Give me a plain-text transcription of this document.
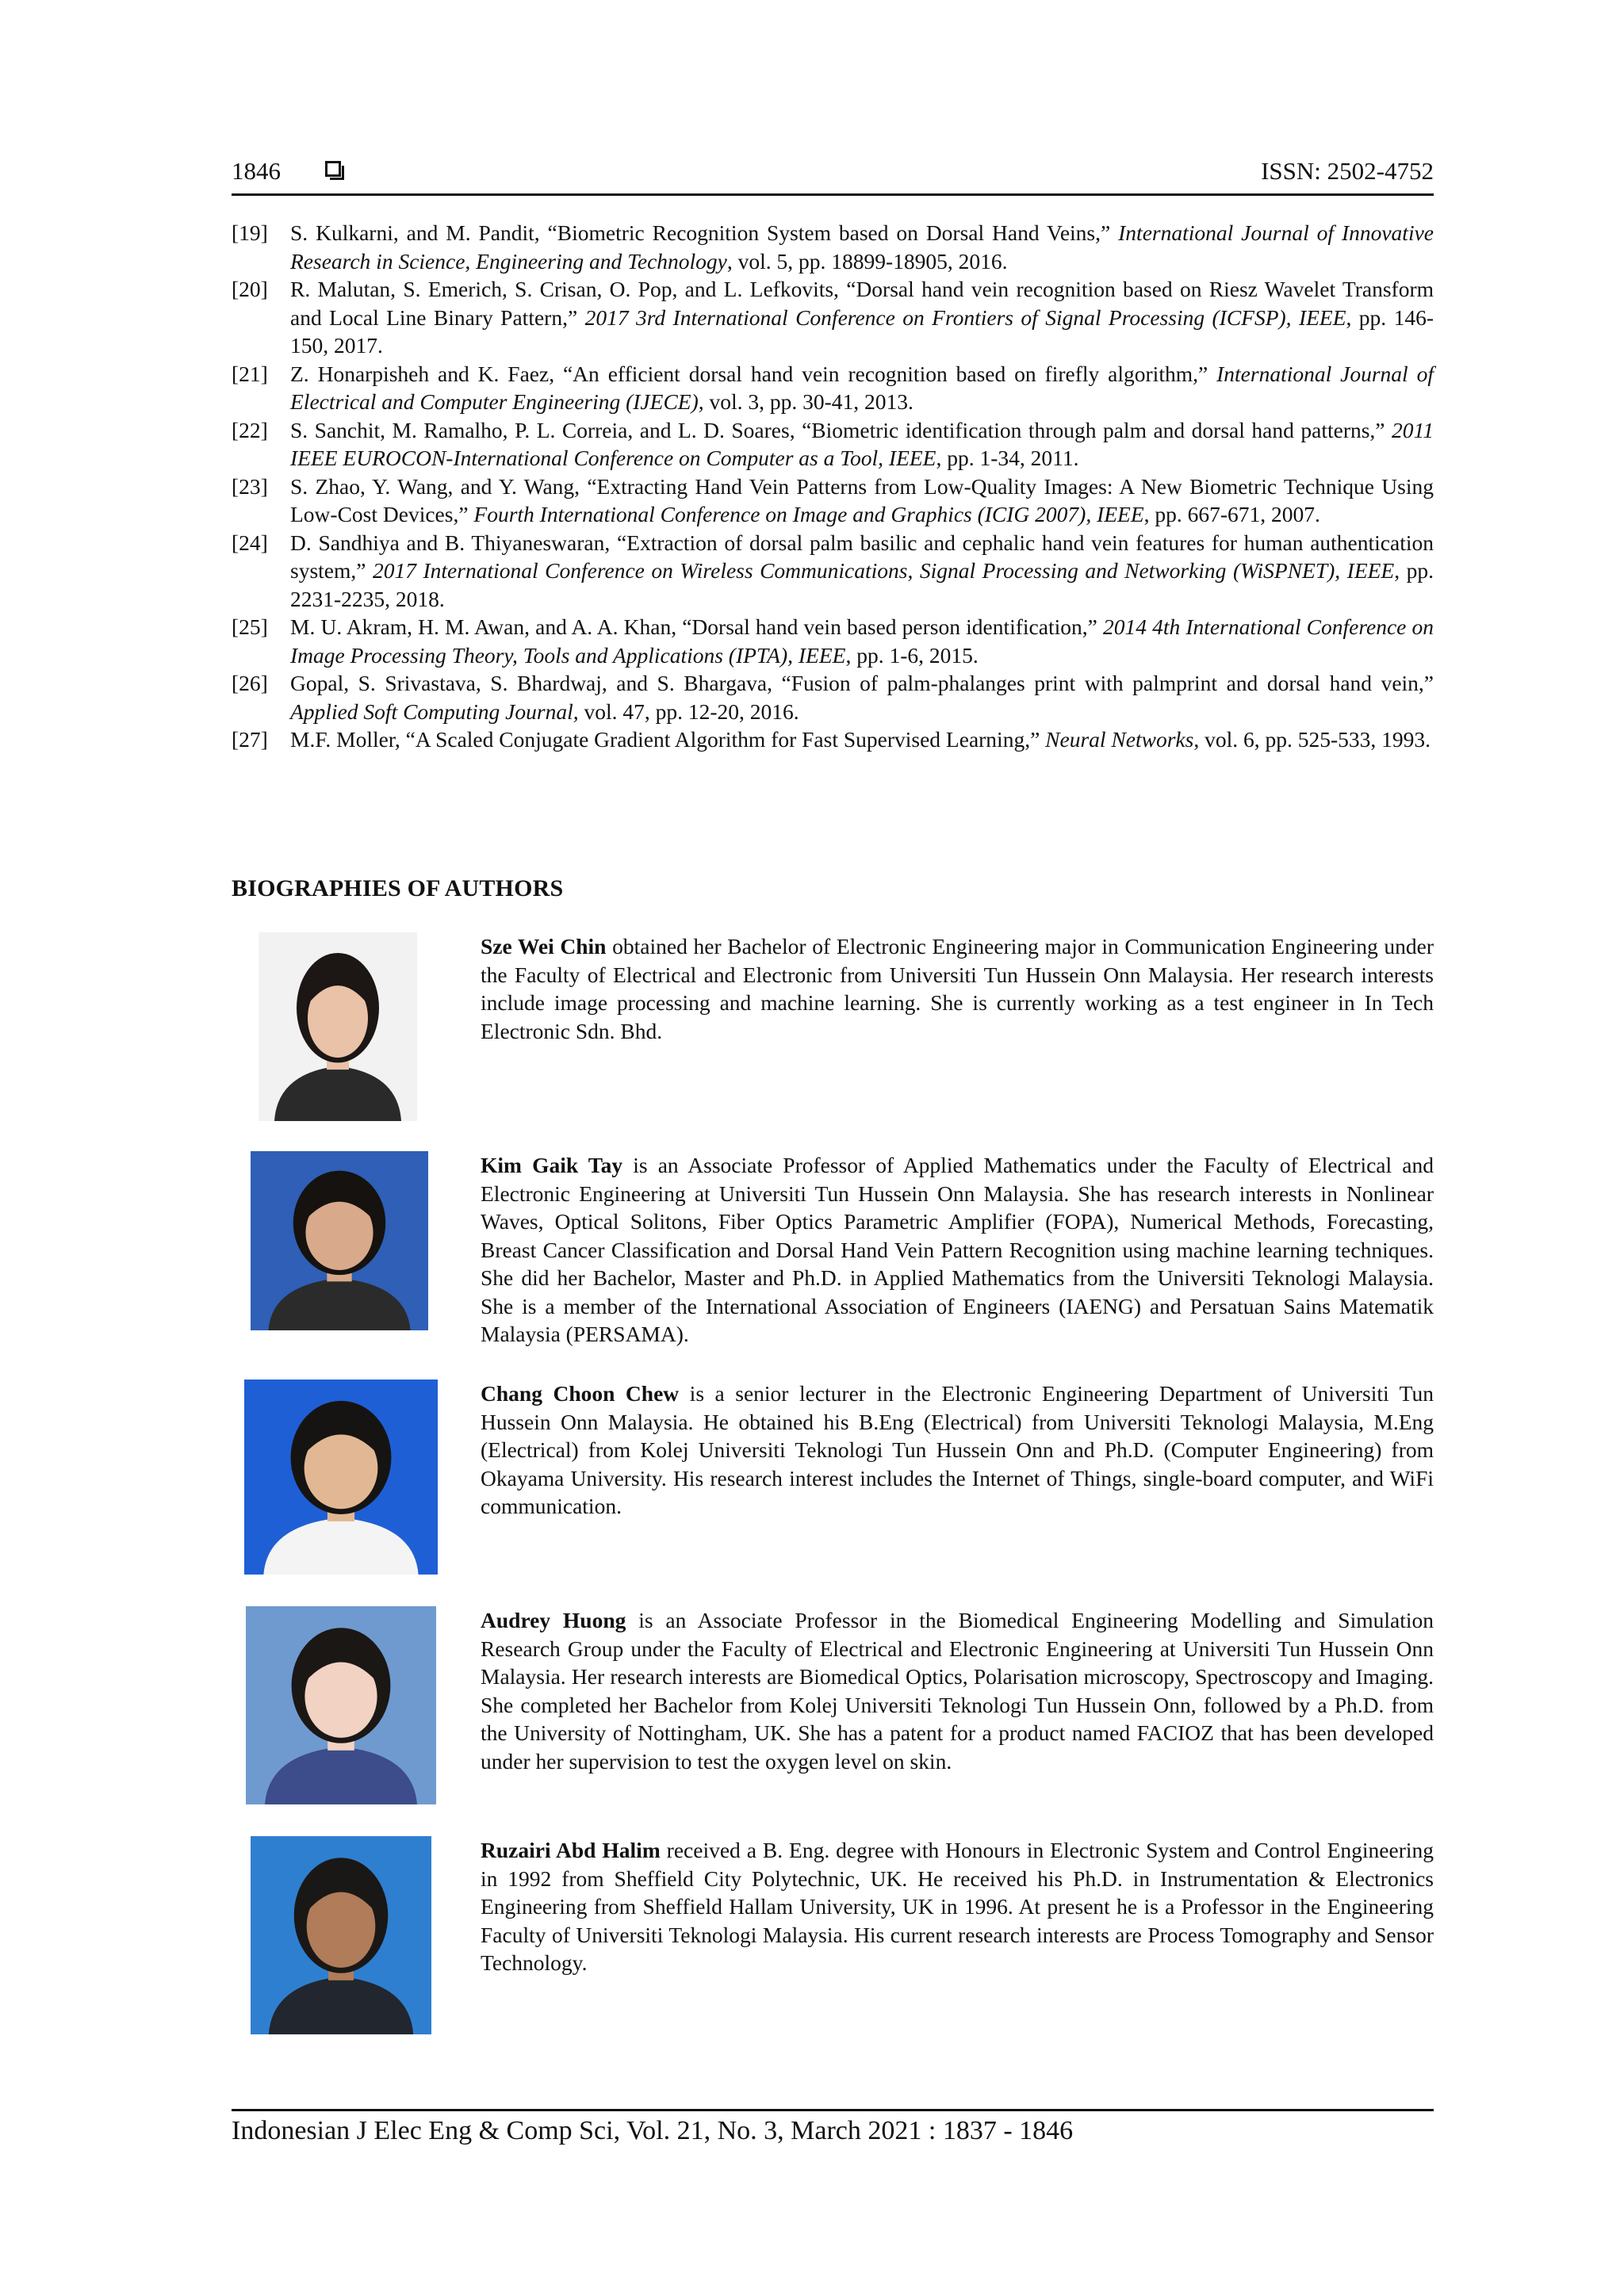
1846	ISSN: 2502-4752
[19] S. Kulkarni, and M. Pandit, “Biometric Recognition System based on Dorsal Hand Veins,” International Journal of Innovative Research in Science, Engineering and Technology, vol. 5, pp. 18899-18905, 2016.
[20] R. Malutan, S. Emerich, S. Crisan, O. Pop, and L. Lefkovits, “Dorsal hand vein recognition based on Riesz Wavelet Transform and Local Line Binary Pattern,” 2017 3rd International Conference on Frontiers of Signal Processing (ICFSP), IEEE, pp. 146-150, 2017.
[21] Z. Honarpisheh and K. Faez, “An efficient dorsal hand vein recognition based on firefly algorithm,” International Journal of Electrical and Computer Engineering (IJECE), vol. 3, pp. 30-41, 2013.
[22] S. Sanchit, M. Ramalho, P. L. Correia, and L. D. Soares, “Biometric identification through palm and dorsal hand patterns,” 2011 IEEE EUROCON-International Conference on Computer as a Tool, IEEE, pp. 1-34, 2011.
[23] S. Zhao, Y. Wang, and Y. Wang, “Extracting Hand Vein Patterns from Low-Quality Images: A New Biometric Technique Using Low-Cost Devices,” Fourth International Conference on Image and Graphics (ICIG 2007), IEEE, pp. 667-671, 2007.
[24] D. Sandhiya and B. Thiyaneswaran, “Extraction of dorsal palm basilic and cephalic hand vein features for human authentication system,” 2017 International Conference on Wireless Communications, Signal Processing and Networking (WiSPNET), IEEE, pp. 2231-2235, 2018.
[25] M. U. Akram, H. M. Awan, and A. A. Khan, “Dorsal hand vein based person identification,” 2014 4th International Conference on Image Processing Theory, Tools and Applications (IPTA), IEEE, pp. 1-6, 2015.
[26] Gopal, S. Srivastava, S. Bhardwaj, and S. Bhargava, “Fusion of palm-phalanges print with palmprint and dorsal hand vein,” Applied Soft Computing Journal, vol. 47, pp. 12-20, 2016.
[27] M.F. Moller, “A Scaled Conjugate Gradient Algorithm for Fast Supervised Learning,” Neural Networks, vol. 6, pp. 525-533, 1993.
BIOGRAPHIES OF AUTHORS
Sze Wei Chin obtained her Bachelor of Electronic Engineering major in Communication Engineering under the Faculty of Electrical and Electronic from Universiti Tun Hussein Onn Malaysia. Her research interests include image processing and machine learning. She is currently working as a test engineer in In Tech Electronic Sdn. Bhd.
Kim Gaik Tay is an Associate Professor of Applied Mathematics under the Faculty of Electrical and Electronic Engineering at Universiti Tun Hussein Onn Malaysia. She has research interests in Nonlinear Waves, Optical Solitons, Fiber Optics Parametric Amplifier (FOPA), Numerical Methods, Forecasting, Breast Cancer Classification and Dorsal Hand Vein Pattern Recognition using machine learning techniques. She did her Bachelor, Master and Ph.D. in Applied Mathematics from the Universiti Teknologi Malaysia. She is a member of the International Association of Engineers (IAENG) and Persatuan Sains Matematik Malaysia (PERSAMA).
Chang Choon Chew is a senior lecturer in the Electronic Engineering Department of Universiti Tun Hussein Onn Malaysia. He obtained his B.Eng (Electrical) from Universiti Teknologi Malaysia, M.Eng (Electrical) from Kolej Universiti Teknologi Tun Hussein Onn and Ph.D. (Computer Engineering) from Okayama University. His research interest includes the Internet of Things, single-board computer, and WiFi communication.
Audrey Huong is an Associate Professor in the Biomedical Engineering Modelling and Simulation Research Group under the Faculty of Electrical and Electronic Engineering at Universiti Tun Hussein Onn Malaysia. Her research interests are Biomedical Optics, Polarisation microscopy, Spectroscopy and Imaging. She completed her Bachelor from Kolej Universiti Teknologi Tun Hussein Onn, followed by a Ph.D. from the University of Nottingham, UK. She has a patent for a product named FACIOZ that has been developed under her supervision to test the oxygen level on skin.
Ruzairi Abd Halim received a B. Eng. degree with Honours in Electronic System and Control Engineering in 1992 from Sheffield City Polytechnic, UK. He received his Ph.D. in Instrumentation & Electronics Engineering from Sheffield Hallam University, UK in 1996. At present he is a Professor in the Engineering Faculty of Universiti Teknologi Malaysia. His current research interests are Process Tomography and Sensor Technology.
Indonesian J Elec Eng & Comp Sci, Vol. 21, No. 3, March 2021 : 1837 - 1846
